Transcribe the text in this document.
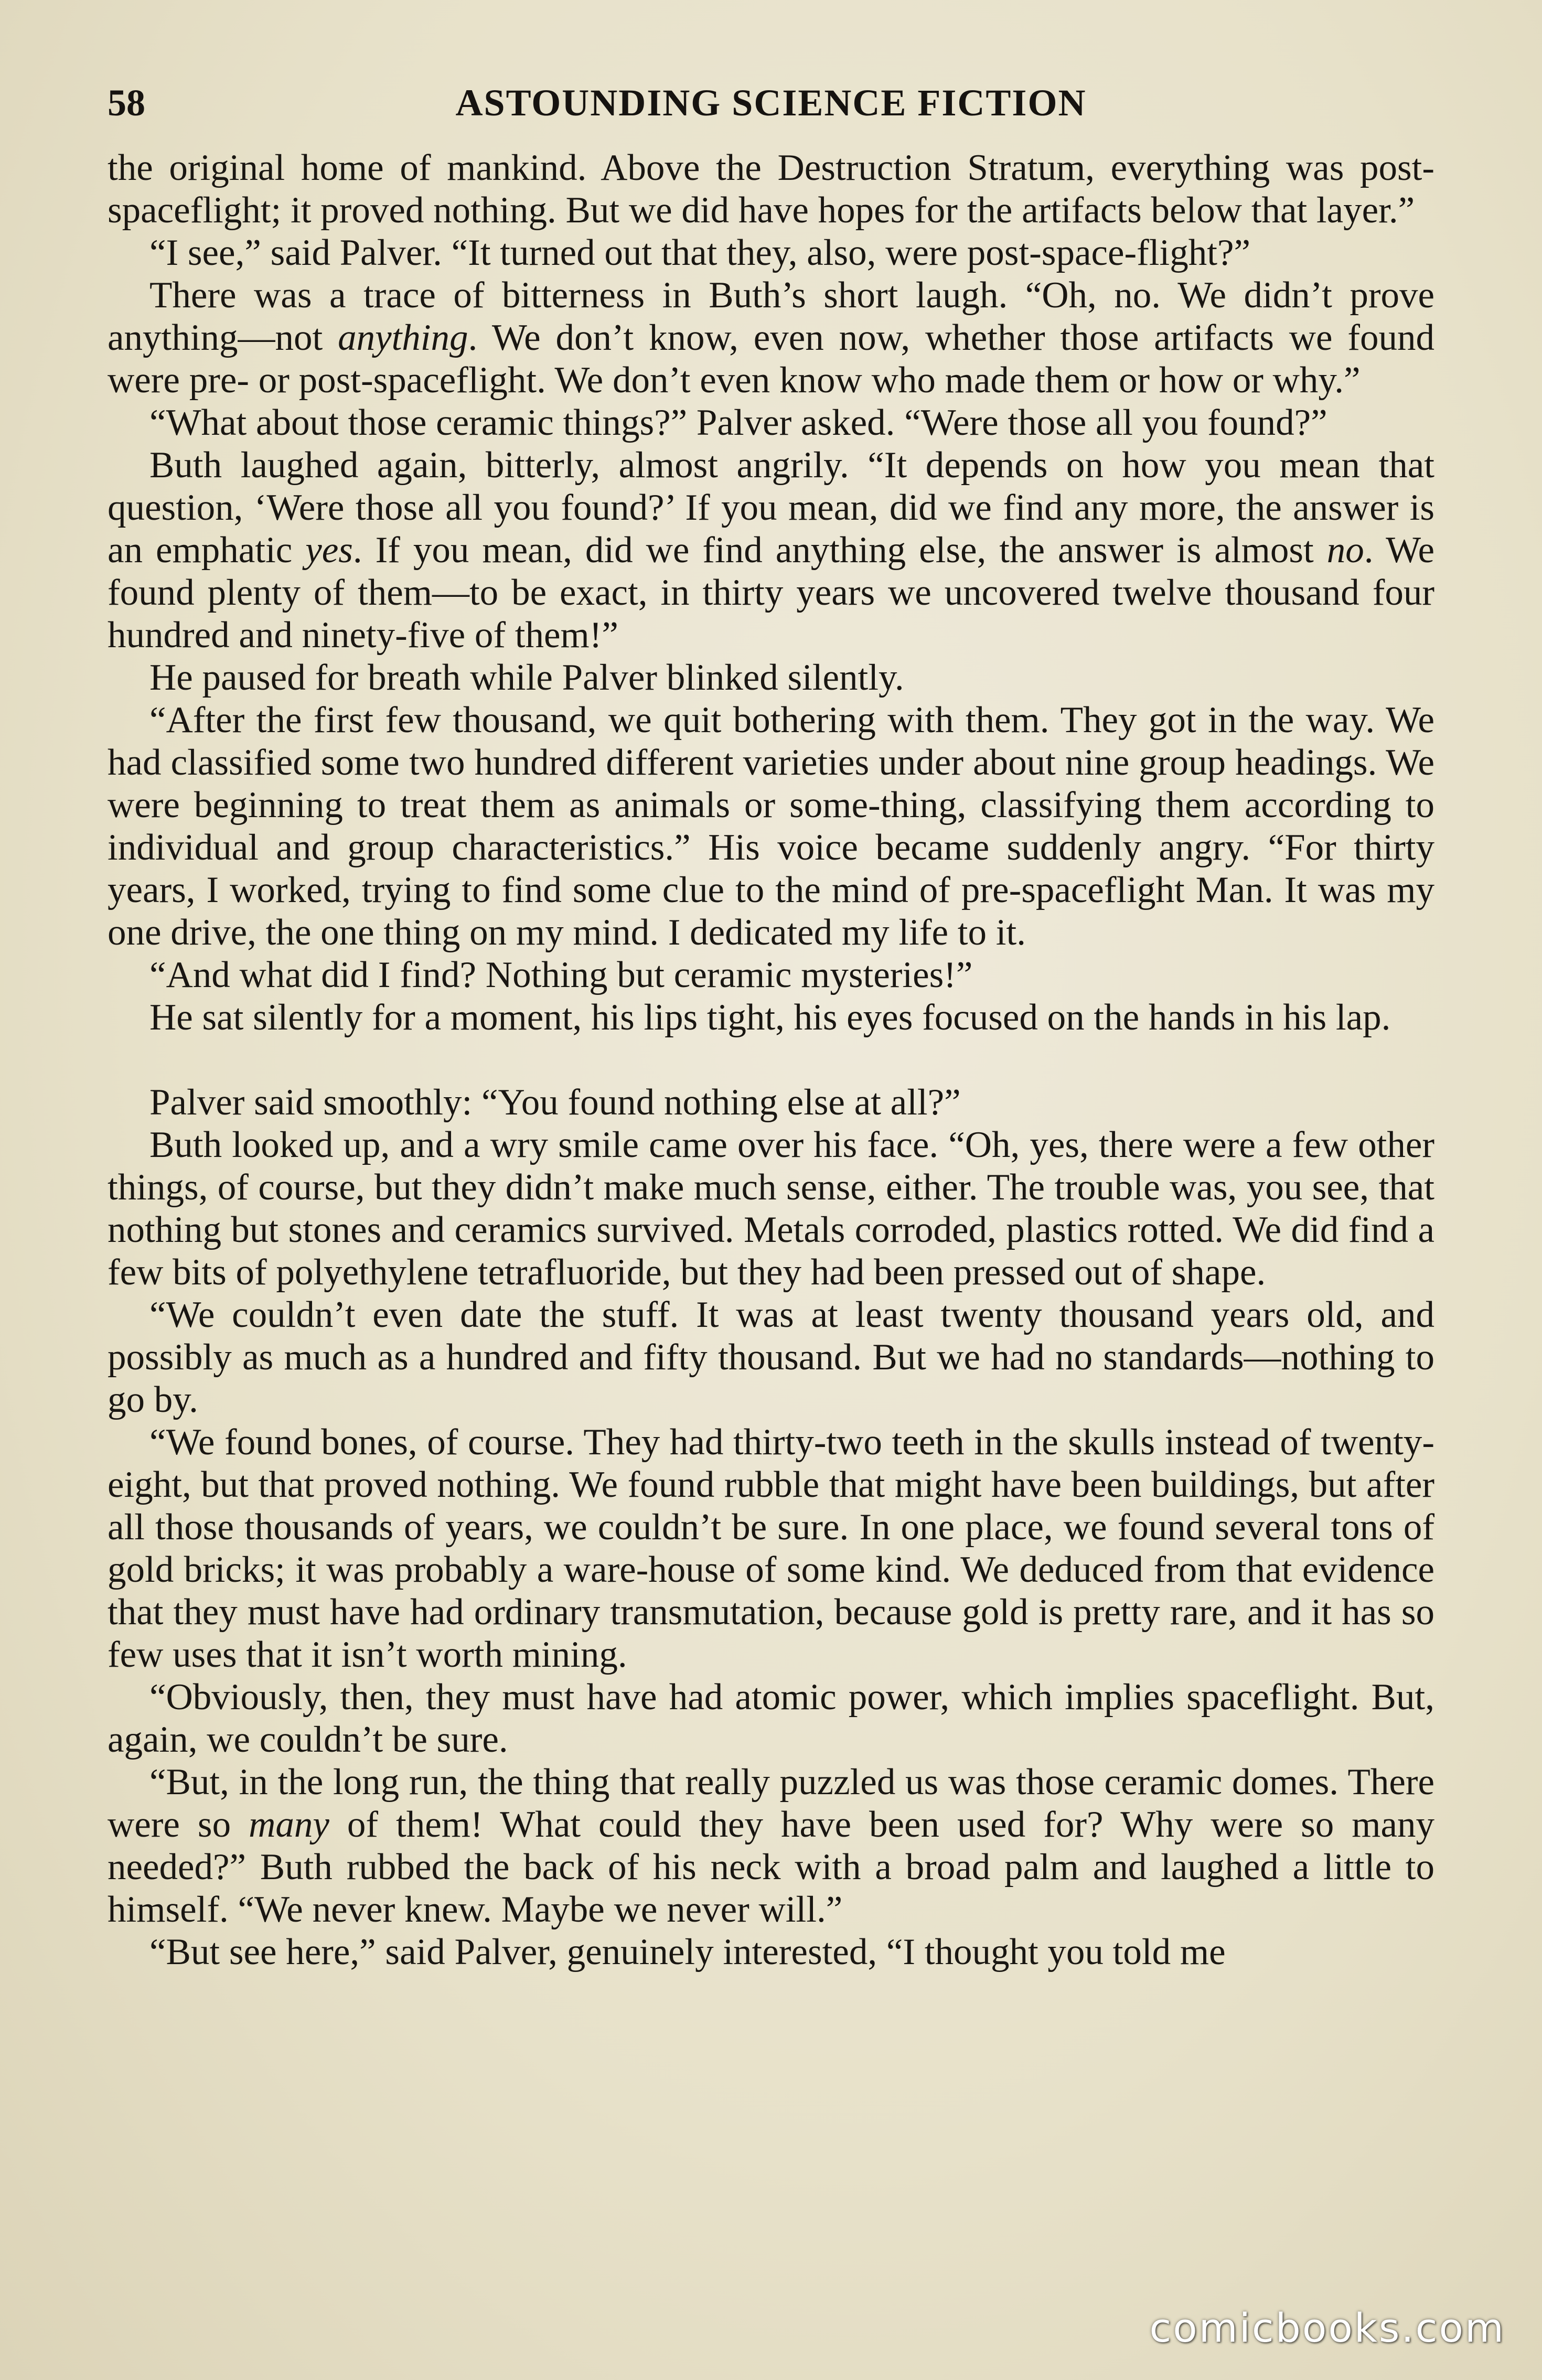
58	ASTOUNDING SCIENCE FICTION

the original home of mankind. Above the Destruction Stratum, everything was post-spaceflight; it proved nothing. But we did have hopes for the artifacts below that layer.”

“I see,” said Palver. “It turned out that they, also, were post-space-flight?”

There was a trace of bitterness in Buth’s short laugh. “Oh, no. We didn’t prove anything—not anything. We don’t know, even now, whether those artifacts we found were pre- or post-spaceflight. We don’t even know who made them or how or why.”

“What about those ceramic things?” Palver asked. “Were those all you found?”

Buth laughed again, bitterly, almost angrily. “It depends on how you mean that question, ‘Were those all you found?’ If you mean, did we find any more, the answer is an emphatic yes. If you mean, did we find anything else, the answer is almost no. We found plenty of them—to be exact, in thirty years we uncovered twelve thousand four hundred and ninety-five of them!”

He paused for breath while Palver blinked silently.

“After the first few thousand, we quit bothering with them. They got in the way. We had classified some two hundred different varieties under about nine group headings. We were beginning to treat them as animals or some-thing, classifying them according to individual and group characteristics.” His voice became suddenly angry. “For thirty years, I worked, trying to find some clue to the mind of pre-spaceflight Man. It was my one drive, the one thing on my mind. I dedicated my life to it.

“And what did I find? Nothing but ceramic mysteries!”

He sat silently for a moment, his lips tight, his eyes focused on the hands in his lap.

Palver said smoothly: “You found nothing else at all?”

Buth looked up, and a wry smile came over his face. “Oh, yes, there were a few other things, of course, but they didn’t make much sense, either. The trouble was, you see, that nothing but stones and ceramics survived. Metals corroded, plastics rotted. We did find a few bits of polyethylene tetrafluoride, but they had been pressed out of shape.

“We couldn’t even date the stuff. It was at least twenty thousand years old, and possibly as much as a hundred and fifty thousand. But we had no standards—nothing to go by.

“We found bones, of course. They had thirty-two teeth in the skulls instead of twenty-eight, but that proved nothing. We found rubble that might have been buildings, but after all those thousands of years, we couldn’t be sure. In one place, we found several tons of gold bricks; it was probably a ware-house of some kind. We deduced from that evidence that they must have had ordinary transmutation, because gold is pretty rare, and it has so few uses that it isn’t worth mining.

“Obviously, then, they must have had atomic power, which implies spaceflight. But, again, we couldn’t be sure.

“But, in the long run, the thing that really puzzled us was those ceramic domes. There were so many of them! What could they have been used for? Why were so many needed?” Buth rubbed the back of his neck with a broad palm and laughed a little to himself. “We never knew. Maybe we never will.”

“But see here,” said Palver, genuinely interested, “I thought you told me

comicbooks.com
